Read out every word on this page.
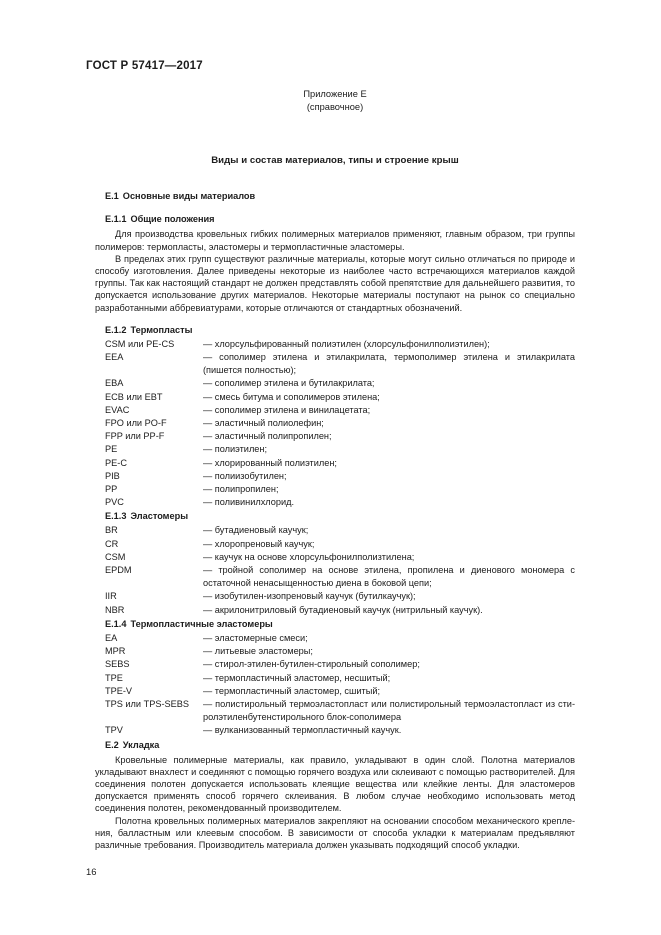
ГОСТ Р 57417—2017
Приложение Е
(справочное)
Виды и состав материалов, типы и строение крыш
E.1 Основные виды материалов
E.1.1 Общие положения

Для производства кровельных гибких полимерных материалов применяют, главным образом, три группы полимеров: термопласты, эластомеры и термопластичные эластомеры.

В пределах этих групп существуют различные материалы, которые могут сильно отличаться по природе и способу изготовления. Далее приведены некоторые из наиболее часто встречающихся материалов каждой группы. Так как настоящий стандарт не должен представлять собой препятствие для дальнейшего развития, то допускается использование других материалов. Некоторые материалы поступают на рынок со специально разработанными аббревиатурами, которые отличаются от стандартных обозначений.

E.1.2 Термопласты
CSM или PE-CS	— хлорсульфированный полиэтилен (хлорсульфонилполиэтилен);
EEA	— сополимер этилена и этилакрилата, термополимер этилена и этилакрилата (пишется полностью);
EBA	— сополимер этилена и бутилакрилата;
ECB или EBT	— смесь битума и сополимеров этилена;
EVAC	— сополимер этилена и винилацетата;
FPO или PO-F	— эластичный полиолефин;
FPP или PP-F	— эластичный полипропилен;
PE	— полиэтилен;
PE-C	— хлорированный полиэтилен;
PIB	— полиизобутилен;
PP	— полипропилен;
PVC	— поливинилхлорид.
E.1.3 Эластомеры
BR	— бутадиеновый каучук;
CR	— хлоропреновый каучук;
CSM	— каучук на основе хлорсульфонилполизтилена;
EPDM	— тройной сополимер на основе этилена, пропилена и диенового мономера с остаточной ненасыщенностью диена в боковой цепи;
IIR	— изобутилен-изопреновый каучук (бутилкаучук);
NBR	— акрилонитриловый бутадиеновый каучук (нитрильный каучук).
E.1.4 Термопластичные эластомеры
EA	— эластомерные смеси;
MPR	— литьевые эластомеры;
SEBS	— стирол-этилен-бутилен-стирольный сополимер;
TPE	— термопластичный эластомер, несшитый;
TPE-V	— термопластичный эластомер, сшитый;
TPS или TPS-SEBS	— полистирольный термоэластопласт или полистирольный термоэластопласт из стиролэтиленбутенстирольного блок-сополимера
TPV	— вулканизованный термопластичный каучук.
E.2 Укладка

Кровельные полимерные материалы, как правило, укладывают в один слой. Полотна материалов укладывают внахлест и соединяют с помощью горячего воздуха или склеивают с помощью растворителей. Для соединения полотен допускается использовать клеящие вещества или клейкие ленты. Для эластомеров допускается применять способ горячего склеивания. В любом случае необходимо использовать метод соединения полотен, рекомендованный производителем.

Полотна кровельных полимерных материалов закрепляют на основании способом механического крепления, балластным или клеевым способом. В зависимости от способа укладки к материалам предъявляют различные требования. Производитель материала должен указывать подходящий способ укладки.

16
